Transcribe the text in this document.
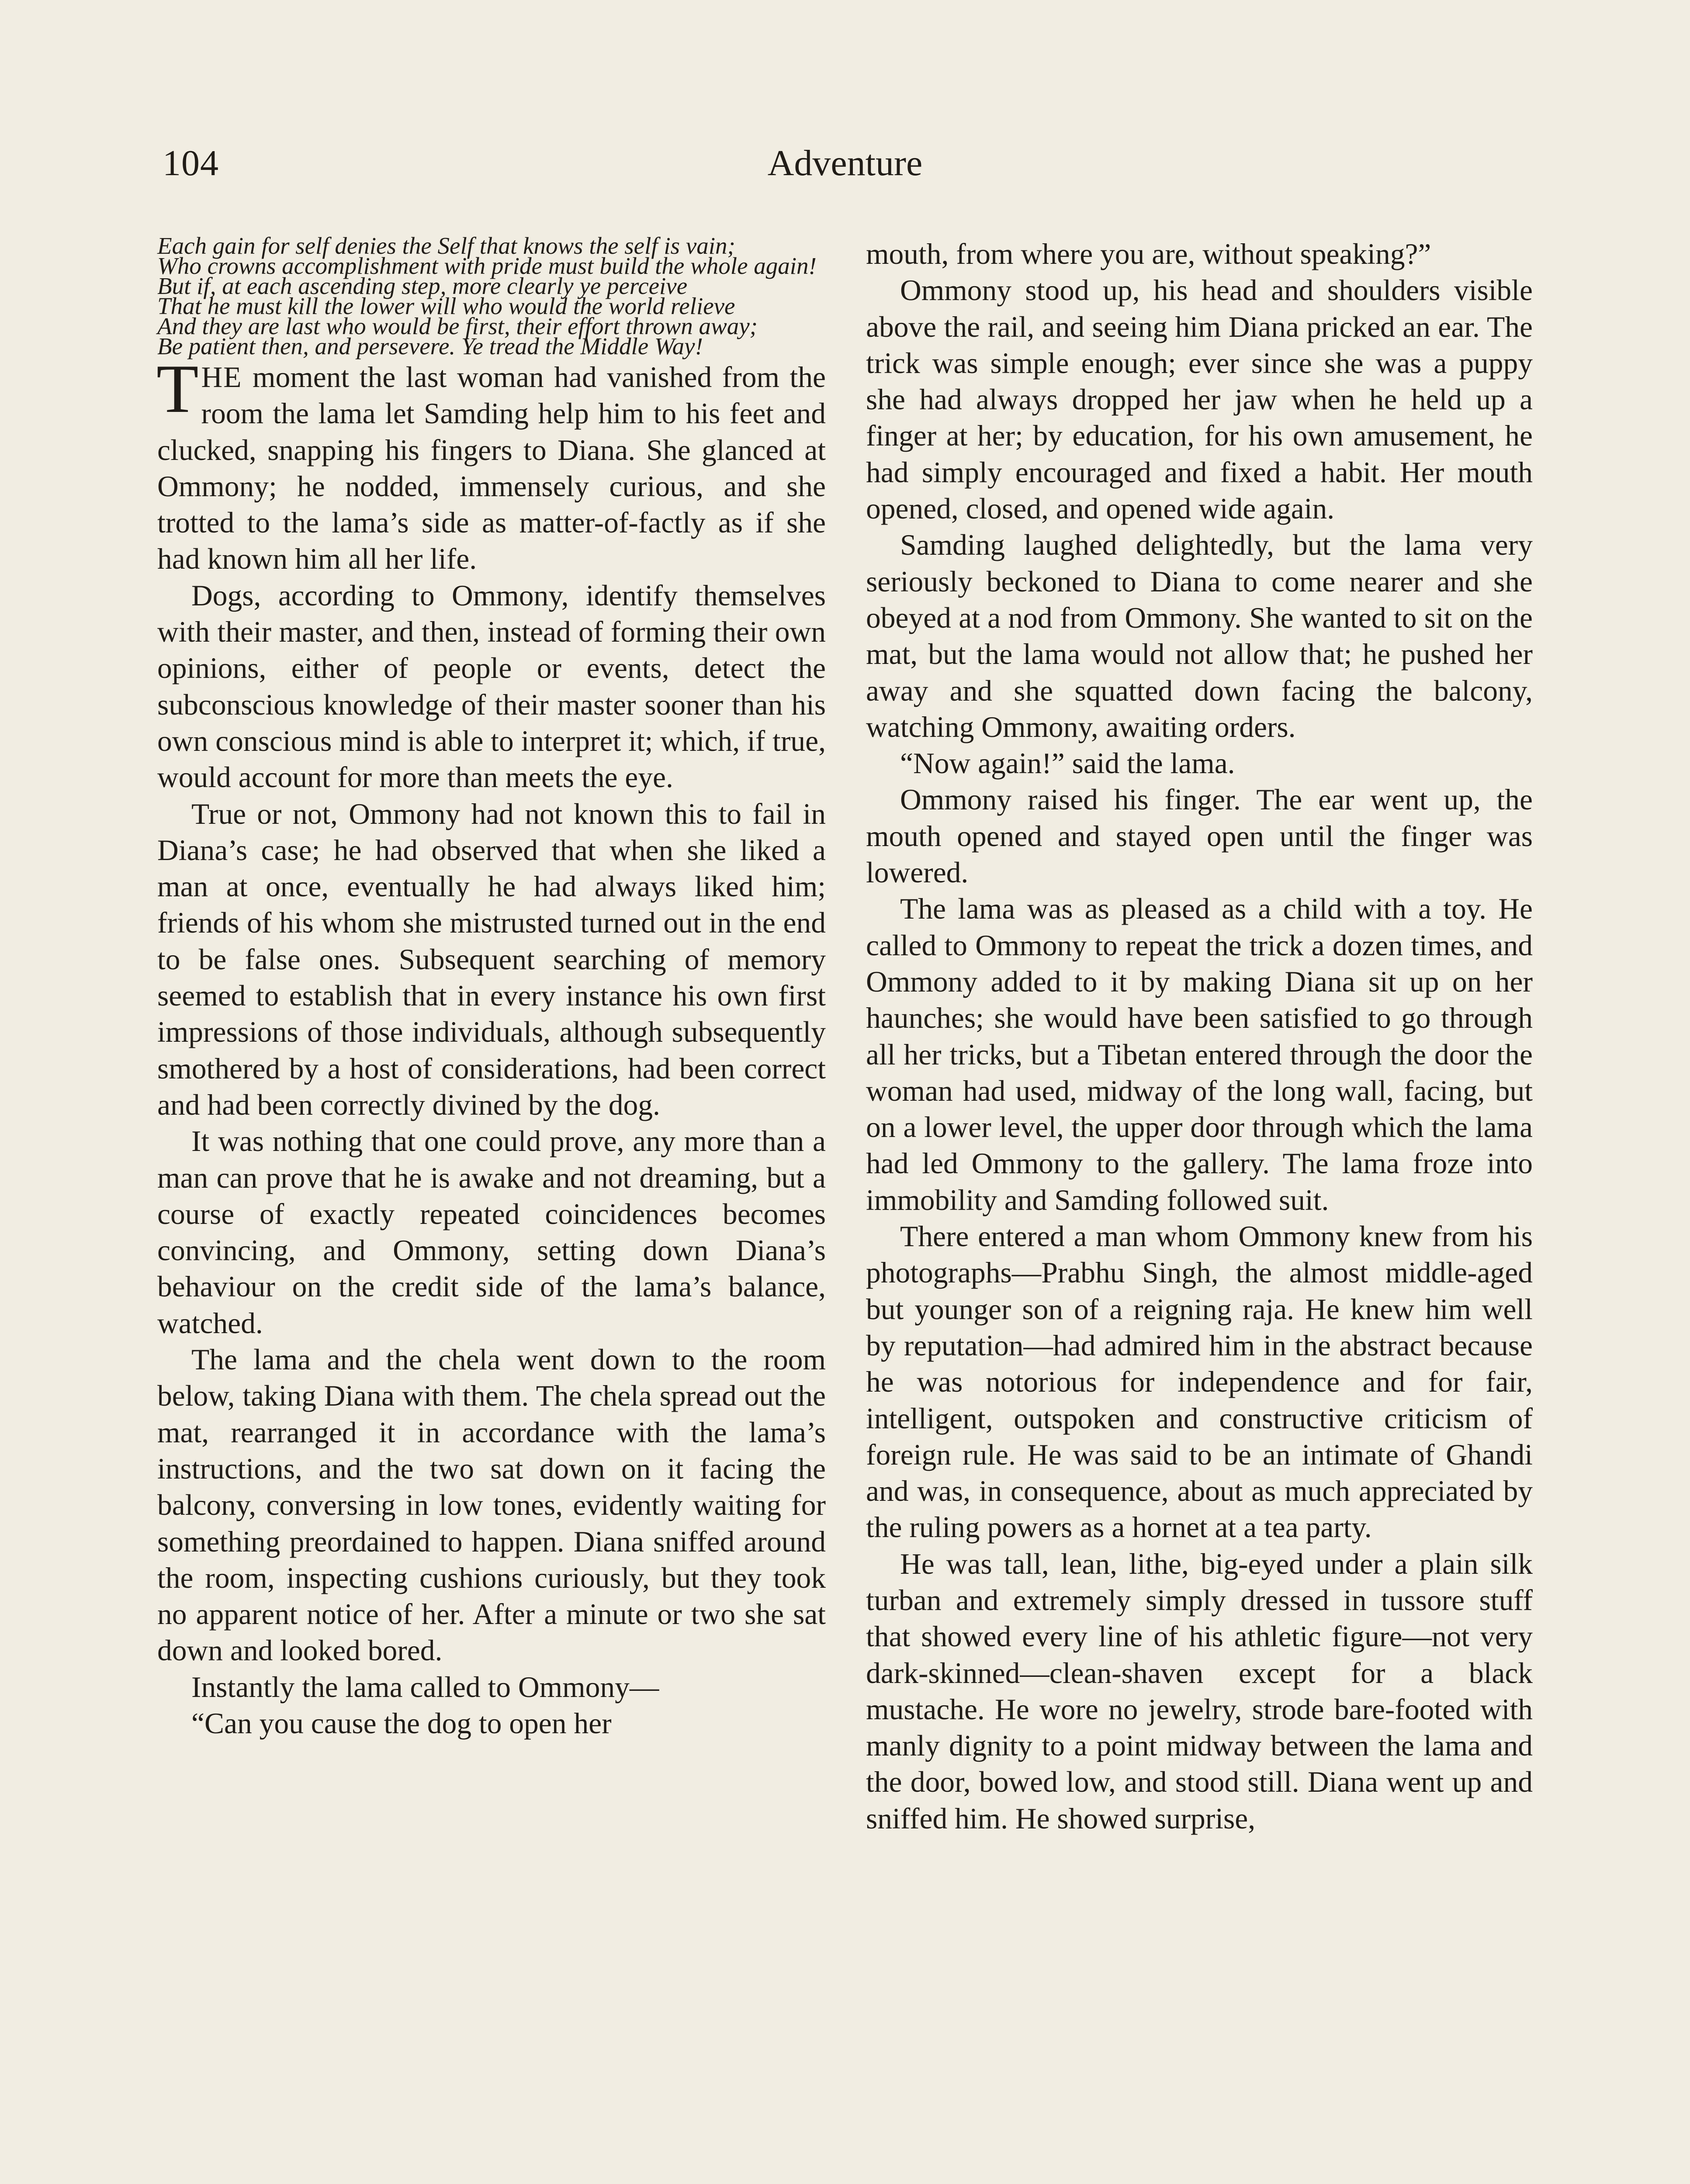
104	Adventure
Each gain for self denies the Self that knows the self is vain;
Who crowns accomplishment with pride must build the whole again!
But if, at each ascending step, more clearly ye perceive
That he must kill the lower will who would the world relieve
And they are last who would be first, their effort thrown away;
Be patient then, and persevere. Ye tread the Middle Way!

THE moment the last woman had vanished from the room the lama let Samding help him to his feet and clucked, snapping his fingers to Diana. She glanced at Ommony; he nodded, immensely curious, and she trotted to the lama’s side as matter-of-factly as if she had known him all her life.

Dogs, according to Ommony, identify themselves with their master, and then, instead of forming their own opinions, either of people or events, detect the subconscious knowledge of their master sooner than his own conscious mind is able to interpret it; which, if true, would account for more than meets the eye.

True or not, Ommony had not known this to fail in Diana’s case; he had observed that when she liked a man at once, eventually he had always liked him; friends of his whom she mistrusted turned out in the end to be false ones. Subsequent searching of memory seemed to establish that in every instance his own first impressions of those individuals, although subsequently smothered by a host of considerations, had been correct and had been correctly divined by the dog.

It was nothing that one could prove, any more than a man can prove that he is awake and not dreaming, but a course of exactly repeated coincidences becomes convincing, and Ommony, setting down Diana’s behaviour on the credit side of the lama’s balance, watched.

The lama and the chela went down to the room below, taking Diana with them. The chela spread out the mat, rearranged it in accordance with the lama’s instructions, and the two sat down on it facing the balcony, conversing in low tones, evidently waiting for something preordained to happen. Diana sniffed around the room, inspecting cushions curiously, but they took no apparent notice of her. After a minute or two she sat down and looked bored.

Instantly the lama called to Ommony—

“Can you cause the dog to open her

mouth, from where you are, without speaking?”

Ommony stood up, his head and shoulders visible above the rail, and seeing him Diana pricked an ear. The trick was simple enough; ever since she was a puppy she had always dropped her jaw when he held up a finger at her; by education, for his own amusement, he had simply encouraged and fixed a habit. Her mouth opened, closed, and opened wide again.

Samding laughed delightedly, but the lama very seriously beckoned to Diana to come nearer and she obeyed at a nod from Ommony. She wanted to sit on the mat, but the lama would not allow that; he pushed her away and she squatted down facing the balcony, watching Ommony, awaiting orders.

“Now again!” said the lama.

Ommony raised his finger. The ear went up, the mouth opened and stayed open until the finger was lowered.

The lama was as pleased as a child with a toy. He called to Ommony to repeat the trick a dozen times, and Ommony added to it by making Diana sit up on her haunches; she would have been satisfied to go through all her tricks, but a Tibetan entered through the door the woman had used, midway of the long wall, facing, but on a lower level, the upper door through which the lama had led Ommony to the gallery. The lama froze into immobility and Samding followed suit.

There entered a man whom Ommony knew from his photographs—Prabhu Singh, the almost middle-aged but younger son of a reigning raja. He knew him well by reputation—had admired him in the abstract because he was notorious for independence and for fair, intelligent, outspoken and constructive criticism of foreign rule. He was said to be an intimate of Ghandi and was, in consequence, about as much appreciated by the ruling powers as a hornet at a tea party.

He was tall, lean, lithe, big-eyed under a plain silk turban and extremely simply dressed in tussore stuff that showed every line of his athletic figure—not very dark-skinned—clean-shaven except for a black mustache. He wore no jewelry, strode bare-footed with manly dignity to a point midway between the lama and the door, bowed low, and stood still. Diana went up and sniffed him. He showed surprise,
